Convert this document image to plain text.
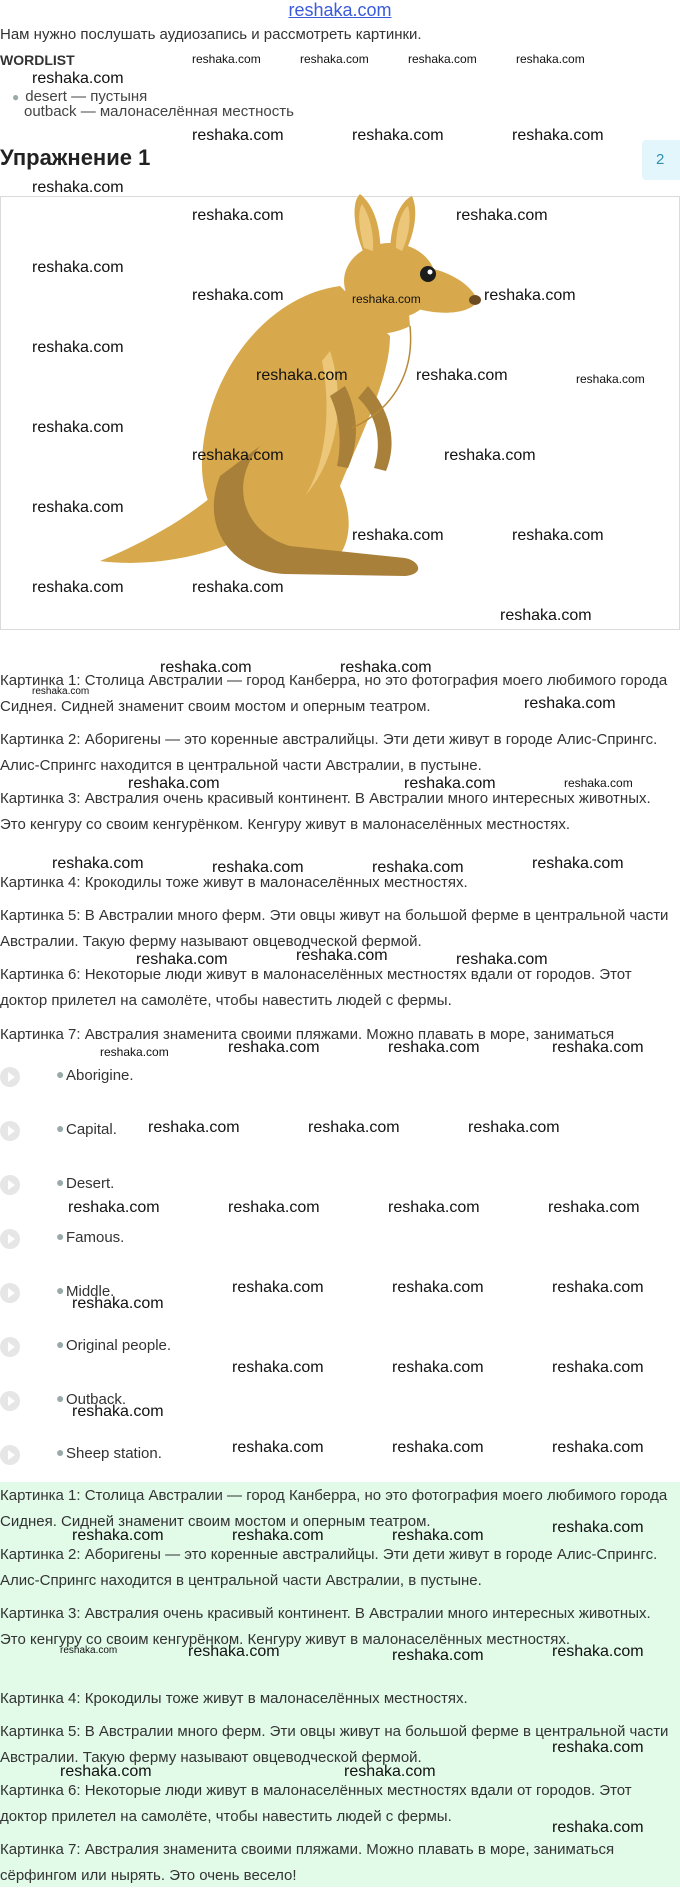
reshaka.com
Нам нужно послушать аудиозапись и рассмотреть картинки.
WORDLIST
● desert — пустыня
outback — малонаселённая местность
Упражнение 1	2

Картинка 1: Столица Австралии — город Канберра, но это фотография моего любимого города Сиднея. Сидней знаменит своим мостом и оперным театром.

Картинка 2: Аборигены — это коренные австралийцы. Эти дети живут в городе Алис-Спрингс. Алис-Спрингс находится в центральной части Австралии, в пустыне.

Картинка 3: Австралия очень красивый континент. В Австралии много интересных животных. Это кенгуру со своим кенгурёнком. Кенгуру живут в малонаселённых местностях.

Картинка 4: Крокодилы тоже живут в малонаселённых местностях.

Картинка 5: В Австралии много ферм. Эти овцы живут на большой ферме в центральной части Австралии. Такую ферму называют овцеводческой фермой.

Картинка 6: Некоторые люди живут в малонаселённых местностях вдали от городов. Этот доктор прилетел на самолёте, чтобы навестить людей с фермы.

Картинка 7: Австралия знаменита своими пляжами. Можно плавать в море, заниматься

● Aborigine.
● Capital.
● Desert.
● Famous.
● Middle.
● Original people.
● Outback.
● Sheep station.

Картинка 1: Столица Австралии — город Канберра, но это фотография моего любимого города Сиднея. Сидней знаменит своим мостом и оперным театром.

Картинка 2: Аборигены — это коренные австралийцы. Эти дети живут в городе Алис-Спрингс. Алис-Спрингс находится в центральной части Австралии, в пустыне.

Картинка 3: Австралия очень красивый континент. В Австралии много интересных животных. Это кенгуру со своим кенгурёнком. Кенгуру живут в малонаселённых местностях.

Картинка 4: Крокодилы тоже живут в малонаселённых местностях.

Картинка 5: В Австралии много ферм. Эти овцы живут на большой ферме в центральной части Австралии. Такую ферму называют овцеводческой фермой.

Картинка 6: Некоторые люди живут в малонаселённых местностях вдали от городов. Этот доктор прилетел на самолёте, чтобы навестить людей с фермы.

Картинка 7: Австралия знаменита своими пляжами. Можно плавать в море, заниматься сёрфингом или нырять. Это очень весело!

reshaka.com	reshaka.com	reshaka.com	reshaka.com
reshaka.com
reshaka.com	reshaka.com	reshaka.com
reshaka.com
reshaka.com	reshaka.com
reshaka.com
reshaka.com	reshaka.com	reshaka.com
reshaka.com
reshaka.com	reshaka.com	reshaka.com
reshaka.com
reshaka.com	reshaka.com
reshaka.com
reshaka.com	reshaka.com
reshaka.com	reshaka.com
reshaka.com
reshaka.com	reshaka.com
reshaka.com
reshaka.com
reshaka.com	reshaka.com	reshaka.com
reshaka.com	reshaka.com	reshaka.com	reshaka.com
reshaka.com	reshaka.com	reshaka.com
reshaka.com	reshaka.com	reshaka.com	reshaka.com
reshaka.com	reshaka.com	reshaka.com
reshaka.com	reshaka.com	reshaka.com	reshaka.com
reshaka.com	reshaka.com	reshaka.com
reshaka.com
reshaka.com	reshaka.com	reshaka.com
reshaka.com
reshaka.com	reshaka.com	reshaka.com
reshaka.com
reshaka.com	reshaka.com	reshaka.com
reshaka.com	reshaka.com	reshaka.com	reshaka.com
reshaka.com
reshaka.com	reshaka.com
reshaka.com
